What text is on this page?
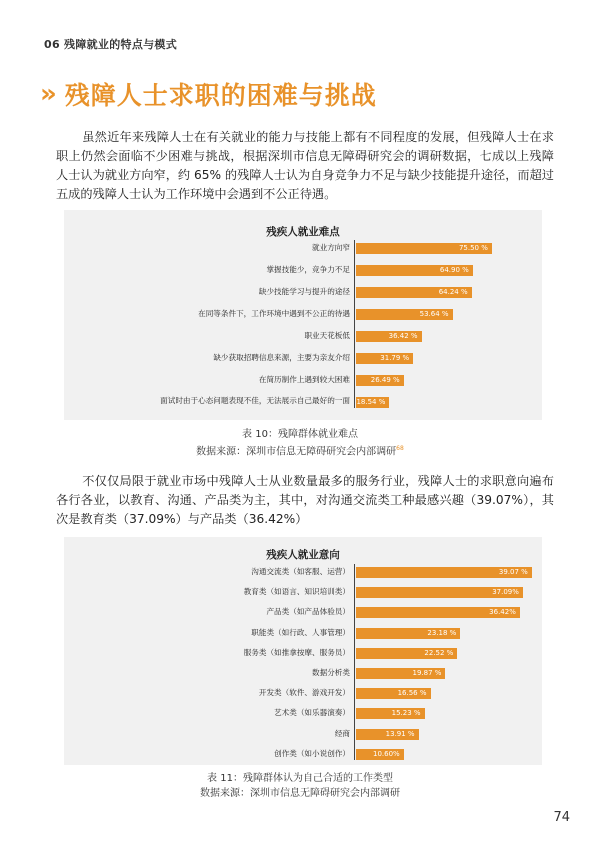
06 残障就业的特点与模式
» 残障人士求职的困难与挑战
虽然近年来残障人士在有关就业的能力与技能上都有不同程度的发展，但残障人士在求职上仍然会面临不少困难与挑战，根据深圳市信息无障碍研究会的调研数据，七成以上残障人士认为就业方向窄，约 65% 的残障人士认为自身竞争力不足与缺少技能提升途径，而超过五成的残障人士认为工作环境中会遇到不公正待遇。
残疾人就业难点
就业方向窄	75.50 %
掌握技能少，竞争力不足	64.90 %
缺少技能学习与提升的途径	64.24 %
在同等条件下，工作环境中遇到不公正的待遇	53.64 %
职业天花板低	36.42 %
缺少获取招聘信息来源，主要为亲友介绍	31.79 %
在简历制作上遇到较大困难	26.49 %
面试时由于心态问题表现不佳，无法展示自己最好的一面 18.54 %
表 10：残障群体就业难点
数据来源：深圳市信息无障碍研究会内部调研$^{68}$
不仅仅局限于就业市场中残障人士从业数量最多的服务行业，残障人士的求职意向遍布各行各业，以教育、沟通、产品类为主，其中，对沟通交流类工种最感兴趣（39.07%），其次是教育类（37.09%）与产品类（36.42%）
残疾人就业意向
沟通交流类（如客服、运营）	39.07 %
教育类（如语言、知识培训类）	37.09%
产品类（如产品体验员）	36.42%
职能类（如行政、人事管理）	23.18 %
服务类（如推拿按摩、服务员）	22.52 %
数据分析类	19.87 %
开发类（软件、游戏开发）	16.56 %
艺术类（如乐器演奏）	15.23 %
经商	13.91 %
创作类（如小说创作）	10.60%
表 11：残障群体认为自己合适的工作类型
数据来源：深圳市信息无障碍研究会内部调研
74
